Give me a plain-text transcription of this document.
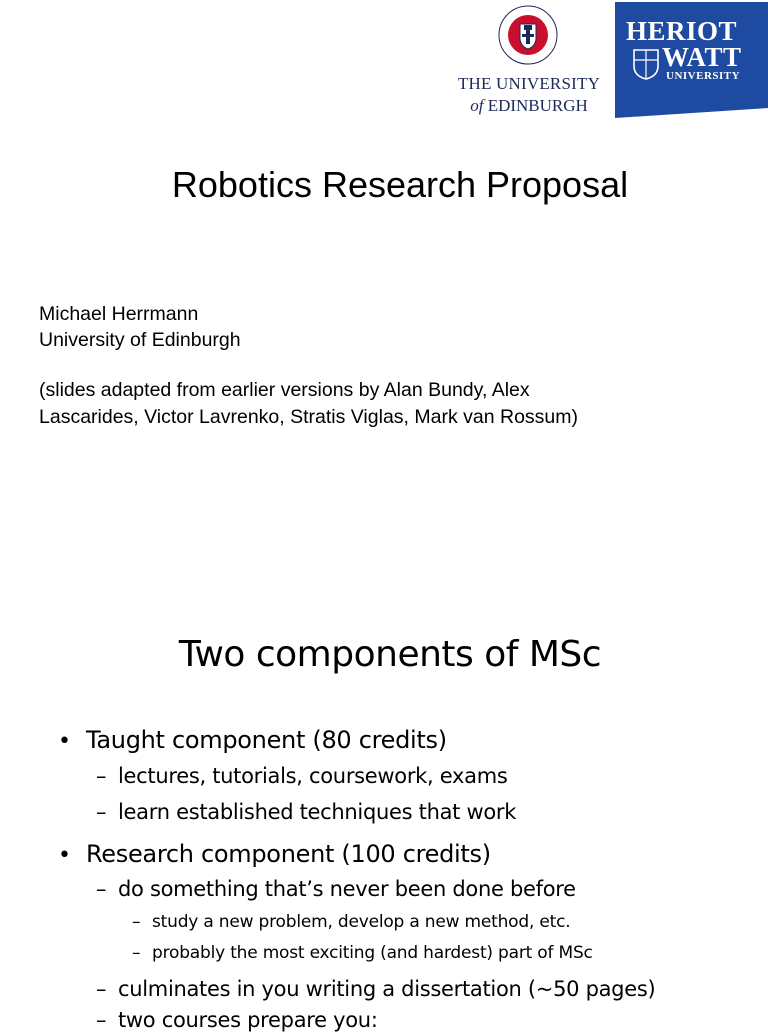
THE UNIVERSITY
of EDINBURGH
HERIOT
WATT
UNIVERSITY
Robotics Research Proposal
Michael Herrmann
University of Edinburgh
(slides adapted from earlier versions by Alan Bundy, Alex
Lascarides, Victor Lavrenko, Stratis Viglas, Mark van Rossum)
Two components of MSc
• Taught component (80 credits)
– lectures, tutorials, coursework, exams
– learn established techniques that work
• Research component (100 credits)
– do something that’s never been done before
– study a new problem, develop a new method, etc.
– probably the most exciting (and hardest) part of MSc
– culminates in you writing a dissertation (~50 pages)
– two courses prepare you:
